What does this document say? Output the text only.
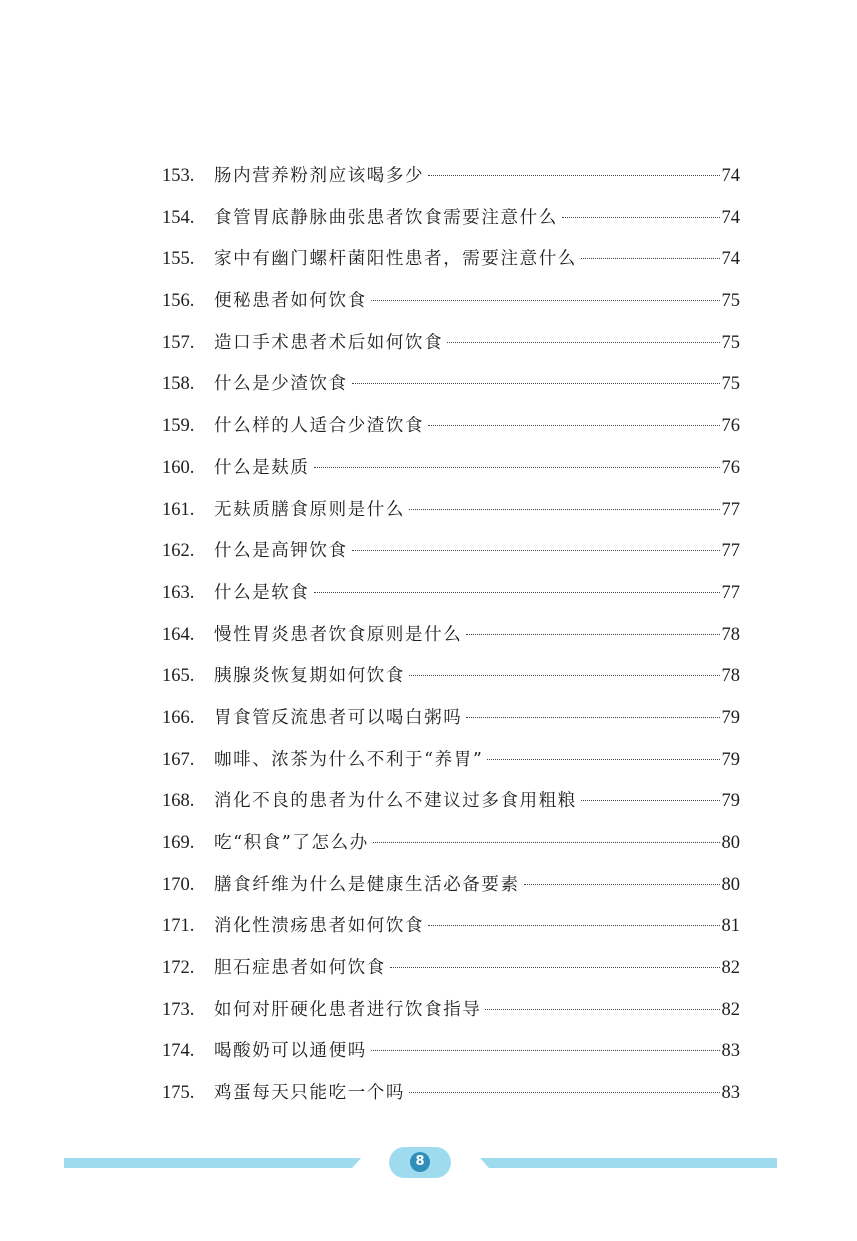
153.	肠内营养粉剂应该喝多少	74
154.	食管胃底静脉曲张患者饮食需要注意什么	74
155.	家中有幽门螺杆菌阳性患者，需要注意什么	74
156.	便秘患者如何饮食	75
157.	造口手术患者术后如何饮食	75
158.	什么是少渣饮食	75
159.	什么样的人适合少渣饮食	76
160.	什么是麸质	76
161.	无麸质膳食原则是什么	77
162.	什么是高钾饮食	77
163.	什么是软食	77
164.	慢性胃炎患者饮食原则是什么	78
165.	胰腺炎恢复期如何饮食	78
166.	胃食管反流患者可以喝白粥吗	79
167.	咖啡、浓茶为什么不利于“养胃”	79
168.	消化不良的患者为什么不建议过多食用粗粮	79
169.	吃“积食”了怎么办	80
170.	膳食纤维为什么是健康生活必备要素	80
171.	消化性溃疡患者如何饮食	81
172.	胆石症患者如何饮食	82
173.	如何对肝硬化患者进行饮食指导	82
174.	喝酸奶可以通便吗	83
175.	鸡蛋每天只能吃一个吗	83
8
